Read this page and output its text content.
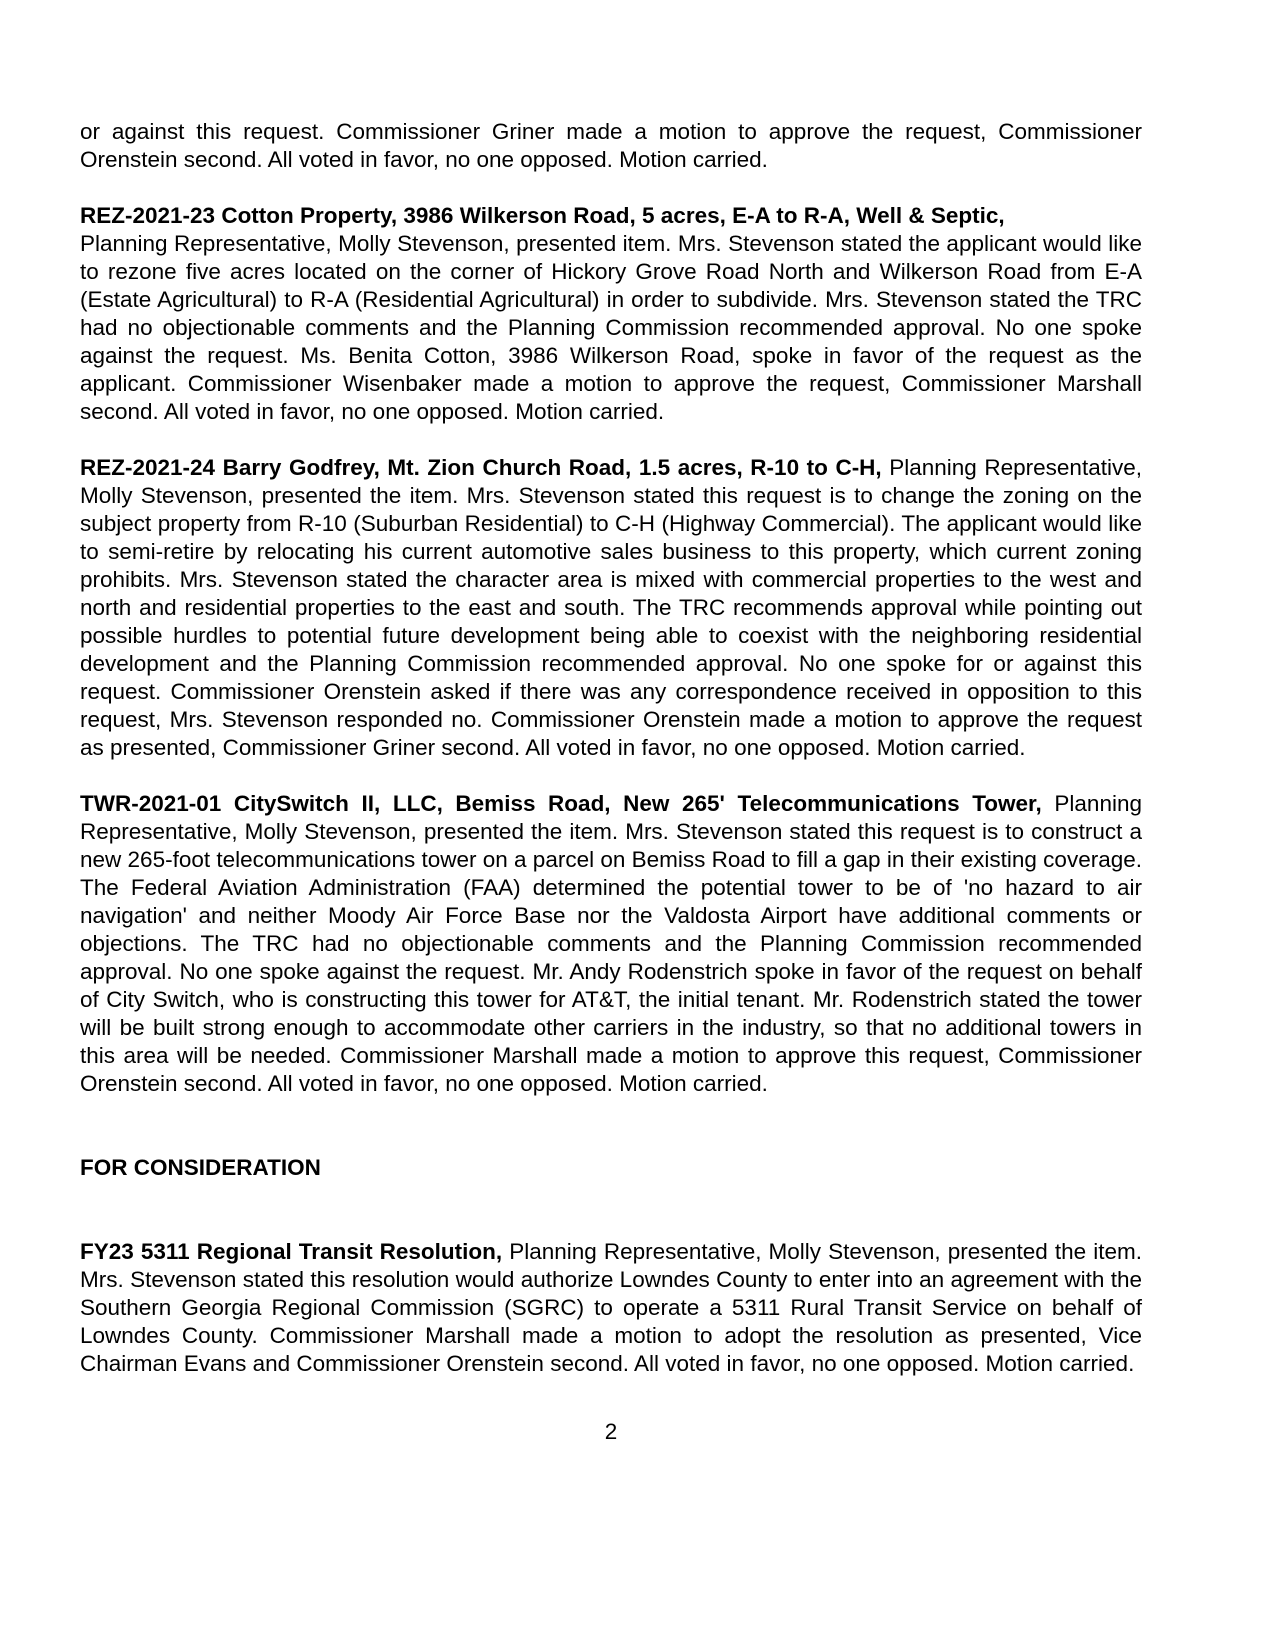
or against this request. Commissioner Griner made a motion to approve the request, Commissioner Orenstein second. All voted in favor, no one opposed. Motion carried.

REZ-2021-23 Cotton Property, 3986 Wilkerson Road, 5 acres, E-A to R-A, Well & Septic,

Planning Representative, Molly Stevenson, presented item. Mrs. Stevenson stated the applicant would like to rezone five acres located on the corner of Hickory Grove Road North and Wilkerson Road from E-A (Estate Agricultural) to R-A (Residential Agricultural) in order to subdivide. Mrs. Stevenson stated the TRC had no objectionable comments and the Planning Commission recommended approval. No one spoke against the request. Ms. Benita Cotton, 3986 Wilkerson Road, spoke in favor of the request as the applicant. Commissioner Wisenbaker made a motion to approve the request, Commissioner Marshall second. All voted in favor, no one opposed. Motion carried.

REZ-2021-24 Barry Godfrey, Mt. Zion Church Road, 1.5 acres, R-10 to C-H, Planning Representative, Molly Stevenson, presented the item. Mrs. Stevenson stated this request is to change the zoning on the subject property from R-10 (Suburban Residential) to C-H (Highway Commercial). The applicant would like to semi-retire by relocating his current automotive sales business to this property, which current zoning prohibits. Mrs. Stevenson stated the character area is mixed with commercial properties to the west and north and residential properties to the east and south. The TRC recommends approval while pointing out possible hurdles to potential future development being able to coexist with the neighboring residential development and the Planning Commission recommended approval. No one spoke for or against this request. Commissioner Orenstein asked if there was any correspondence received in opposition to this request, Mrs. Stevenson responded no. Commissioner Orenstein made a motion to approve the request as presented, Commissioner Griner second. All voted in favor, no one opposed. Motion carried.

TWR-2021-01 CitySwitch II, LLC, Bemiss Road, New 265' Telecommunications Tower, Planning Representative, Molly Stevenson, presented the item. Mrs. Stevenson stated this request is to construct a new 265-foot telecommunications tower on a parcel on Bemiss Road to fill a gap in their existing coverage. The Federal Aviation Administration (FAA) determined the potential tower to be of 'no hazard to air navigation' and neither Moody Air Force Base nor the Valdosta Airport have additional comments or objections. The TRC had no objectionable comments and the Planning Commission recommended approval. No one spoke against the request. Mr. Andy Rodenstrich spoke in favor of the request on behalf of City Switch, who is constructing this tower for AT&T, the initial tenant. Mr. Rodenstrich stated the tower will be built strong enough to accommodate other carriers in the industry, so that no additional towers in this area will be needed. Commissioner Marshall made a motion to approve this request, Commissioner Orenstein second. All voted in favor, no one opposed. Motion carried.

FOR CONSIDERATION

FY23 5311 Regional Transit Resolution, Planning Representative, Molly Stevenson, presented the item. Mrs. Stevenson stated this resolution would authorize Lowndes County to enter into an agreement with the Southern Georgia Regional Commission (SGRC) to operate a 5311 Rural Transit Service on behalf of Lowndes County. Commissioner Marshall made a motion to adopt the resolution as presented, Vice Chairman Evans and Commissioner Orenstein second. All voted in favor, no one opposed. Motion carried.

2
